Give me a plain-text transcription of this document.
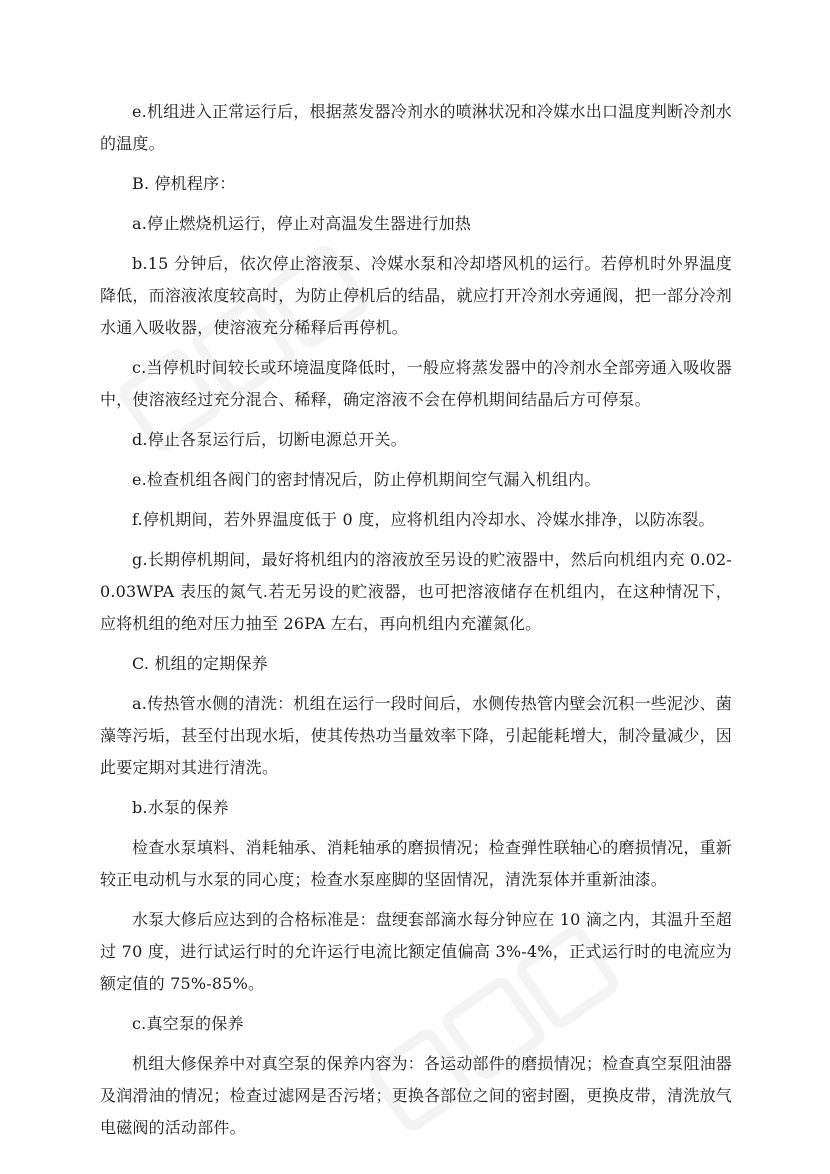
e.机组进入正常运行后，根据蒸发器冷剂水的喷淋状况和冷媒水出口温度判断冷剂水的温度。

B. 停机程序：

a.停止燃烧机运行，停止对高温发生器进行加热

b.15 分钟后，依次停止溶液泵、冷媒水泵和冷却塔风机的运行。若停机时外界温度降低，而溶液浓度较高时，为防止停机后的结晶，就应打开冷剂水旁通阀，把一部分冷剂水通入吸收器，使溶液充分稀释后再停机。

c.当停机时间较长或环境温度降低时，一般应将蒸发器中的冷剂水全部旁通入吸收器中，使溶液经过充分混合、稀释，确定溶液不会在停机期间结晶后方可停泵。

d.停止各泵运行后，切断电源总开关。

e.检查机组各阀门的密封情况后，防止停机期间空气漏入机组内。

f.停机期间，若外界温度低于 0 度，应将机组内冷却水、冷媒水排净，以防冻裂。

g.长期停机期间，最好将机组内的溶液放至另设的贮液器中，然后向机组内充 0.02-0.03WPA 表压的氮气.若无另设的贮液器，也可把溶液储存在机组内，在这种情况下，应将机组的绝对压力抽至 26PA 左右，再向机组内充灌氮化。

C. 机组的定期保养

a.传热管水侧的清洗：机组在运行一段时间后，水侧传热管内壁会沉积一些泥沙、菌藻等污垢，甚至付出现水垢，使其传热功当量效率下降，引起能耗增大，制冷量减少，因此要定期对其进行清洗。

b.水泵的保养

检查水泵填料、消耗轴承、消耗轴承的磨损情况；检查弹性联轴心的磨损情况，重新较正电动机与水泵的同心度；检查水泵座脚的坚固情况，清洗泵体并重新油漆。

水泵大修后应达到的合格标准是：盘绠套部滴水每分钟应在 10 滴之内，其温升至超过 70 度，进行试运行时的允许运行电流比额定值偏高 3%-4%，正式运行时的电流应为额定值的 75%-85%。

c.真空泵的保养

机组大修保养中对真空泵的保养内容为：各运动部件的磨损情况；检查真空泵阻油器及润滑油的情况；检查过滤网是否污堵；更换各部位之间的密封圈，更换皮带，清洗放气电磁阀的活动部件。
